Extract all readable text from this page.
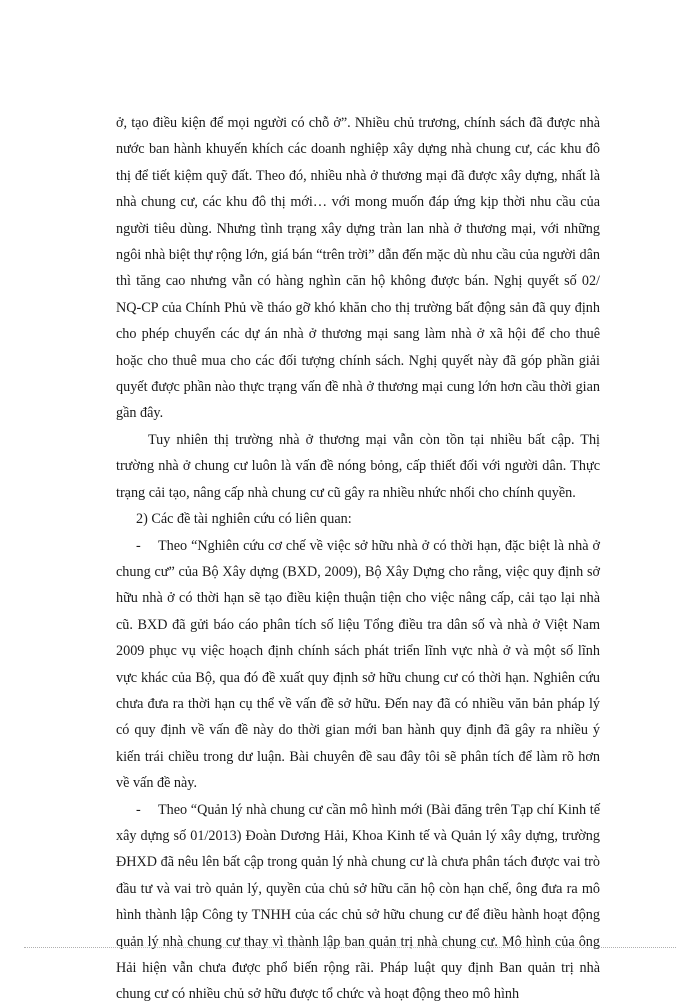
ở, tạo điều kiện để mọi người có chỗ ở”. Nhiều chủ trương, chính sách đã được nhà nước ban hành khuyến khích các doanh nghiệp xây dựng nhà chung cư, các khu đô thị để tiết kiệm quỹ đất. Theo đó, nhiều nhà ở thương mại đã được xây dựng, nhất là nhà chung cư, các khu đô thị mới… với mong muốn đáp ứng kịp thời nhu cầu của người tiêu dùng. Nhưng tình trạng xây dựng tràn lan nhà ở thương mại, với những ngôi nhà biệt thự rộng lớn, giá bán “trên trời” dẫn đến mặc dù nhu cầu của người dân thì tăng cao nhưng vẫn có hàng nghìn căn hộ không được bán. Nghị quyết số 02/ NQ-CP của Chính Phủ về tháo gỡ khó khăn cho thị trường bất động sản đã quy định cho phép chuyển các dự án nhà ở thương mại sang làm nhà ở xã hội để cho thuê hoặc cho thuê mua cho các đối tượng chính sách. Nghị quyết này đã góp phần giải quyết được phần nào thực trạng vấn đề nhà ở thương mại cung lớn hơn cầu thời gian gần đây.

Tuy nhiên thị trường nhà ở thương mại vẫn còn tồn tại nhiều bất cập. Thị trường nhà ở chung cư luôn là vấn đề nóng bỏng, cấp thiết đối với người dân. Thực trạng cải tạo, nâng cấp nhà chung cư cũ gây ra nhiều nhức nhối cho chính quyền.

2) Các đề tài nghiên cứu có liên quan:

- Theo “Nghiên cứu cơ chế về việc sở hữu nhà ở có thời hạn, đặc biệt là nhà ở chung cư” của Bộ Xây dựng (BXD, 2009), Bộ Xây Dựng cho rằng, việc quy định sở hữu nhà ở có thời hạn sẽ tạo điều kiện thuận tiện cho việc nâng cấp, cải tạo lại nhà cũ. BXD đã gửi báo cáo phân tích số liệu Tổng điều tra dân số và nhà ở Việt Nam 2009 phục vụ việc hoạch định chính sách phát triển lĩnh vực nhà ở và một số lĩnh vực khác của Bộ, qua đó đề xuất quy định sở hữu chung cư có thời hạn. Nghiên cứu chưa đưa ra thời hạn cụ thể về vấn đề sở hữu. Đến nay đã có nhiều văn bản pháp lý có quy định về vấn đề này do thời gian mới ban hành quy định đã gây ra nhiều ý kiến trái chiều trong dư luận. Bài chuyên đề sau đây tôi sẽ phân tích để làm rõ hơn về vấn đề này.

- Theo “Quản lý nhà chung cư cần mô hình mới (Bài đăng trên Tạp chí Kinh tế xây dựng số 01/2013) Đoàn Dương Hải, Khoa Kinh tế và Quản lý xây dựng, trường ĐHXD đã nêu lên bất cập trong quản lý nhà chung cư là chưa phân tách được vai trò đầu tư và vai trò quản lý, quyền của chủ sở hữu căn hộ còn hạn chế, ông đưa ra mô hình thành lập Công ty TNHH của các chủ sở hữu chung cư để điều hành hoạt động quản lý nhà chung cư thay vì thành lập ban quản trị nhà chung cư. Mô hình của ông Hải hiện vẫn chưa được phổ biến rộng rãi. Pháp luật quy định Ban quản trị nhà chung cư có nhiều chủ sở hữu được tổ chức và hoạt động theo mô hình
